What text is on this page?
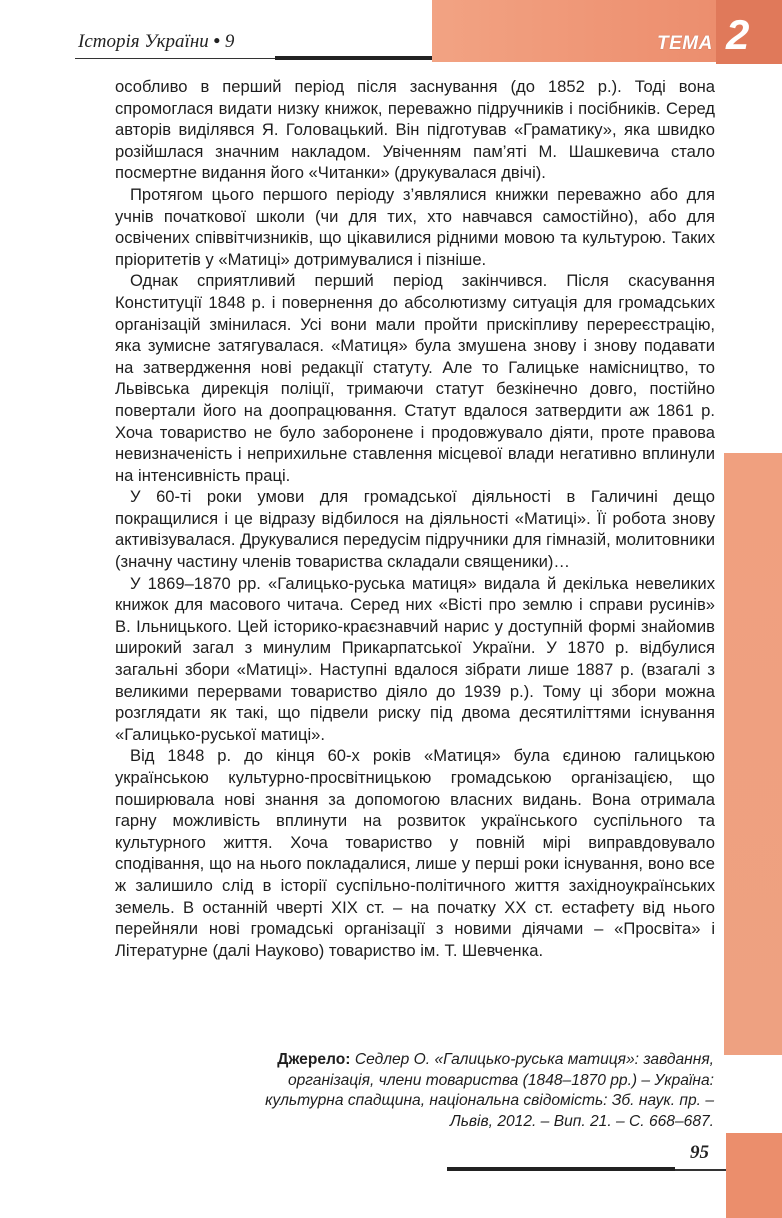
Історія України • 9	ТЕМА 2

особливо в перший період після заснування (до 1852 р.). Тоді вона спромоглася видати низку книжок, переважно підручників і посібників. Серед авторів виділявся Я. Головацький. Він підготував «Граматику», яка швидко розійшлася значним накладом. Увіченням пам’яті М. Шашкевича стало посмертне видання його «Читанки» (друкувалася двічі).

Протягом цього першого періоду з’являлися книжки переважно або для учнів початкової школи (чи для тих, хто навчався самостійно), або для освічених співвітчизників, що цікавилися рідними мовою та культурою. Таких пріоритетів у «Матиці» дотримувалися і пізніше.

Однак сприятливий перший період закінчився. Після скасування Конституції 1848 р. і повернення до абсолютизму ситуація для громадських організацій змінилася. Усі вони мали пройти прискіпливу перереєстрацію, яка зумисне затягувалася. «Матиця» була змушена знову і знову подавати на затвердження нові редакції статуту. Але то Галицьке намісництво, то Львівська дирекція поліції, тримаючи статут безкінечно довго, постійно повертали його на доопрацювання. Статут вдалося затвердити аж 1861 р. Хоча товариство не було заборонене і продовжувало діяти, проте правова невизначеність і неприхильне ставлення місцевої влади негативно вплинули на інтенсивність праці.

У 60-ті роки умови для громадської діяльності в Галичині дещо покращилися і це відразу відбилося на діяльності «Матиці». Її робота знову активізувалася. Друкувалися передусім підручники для гімназій, молитовники (значну частину членів товариства складали священики)…

У 1869–1870 рр. «Галицько-руська матиця» видала й декілька невеликих книжок для масового читача. Серед них «Вісті про землю і справи русинів» В. Ільницького. Цей історико-краєзнавчий нарис у доступній формі знайомив широкий загал з минулим Прикарпатської України. У 1870 р. відбулися загальні збори «Матиці». Наступні вдалося зібрати лише 1887 р. (взагалі з великими перервами товариство діяло до 1939 р.). Тому ці збори можна розглядати як такі, що підвели риску під двома десятиліттями існування «Галицько-руської матиці».

Від 1848 р. до кінця 60-х років «Матиця» була єдиною галицькою українською культурно-просвітницькою громадською організацією, що поширювала нові знання за допомогою власних видань. Вона отримала гарну можливість вплинути на розвиток українського суспільного та культурного життя. Хоча товариство у повній мірі виправдовувало сподівання, що на нього покладалися, лише у перші роки існування, воно все ж залишило слід в історії суспільно-політичного життя західноукраїнських земель. В останній чверті XIX ст. – на початку XX ст. естафету від нього перейняли нові громадські організації з новими діячами – «Просвіта» і Літературне (далі Науково) товариство ім. Т. Шевченка.

Джерело: Седлер О. «Галицько-руська матиця»: завдання,
організація, члени товариства (1848–1870 рр.) – Україна:
культурна спадщина, національна свідомість: Зб. наук. пр. –
Львів, 2012. – Вип. 21. – С. 668–687.
95
